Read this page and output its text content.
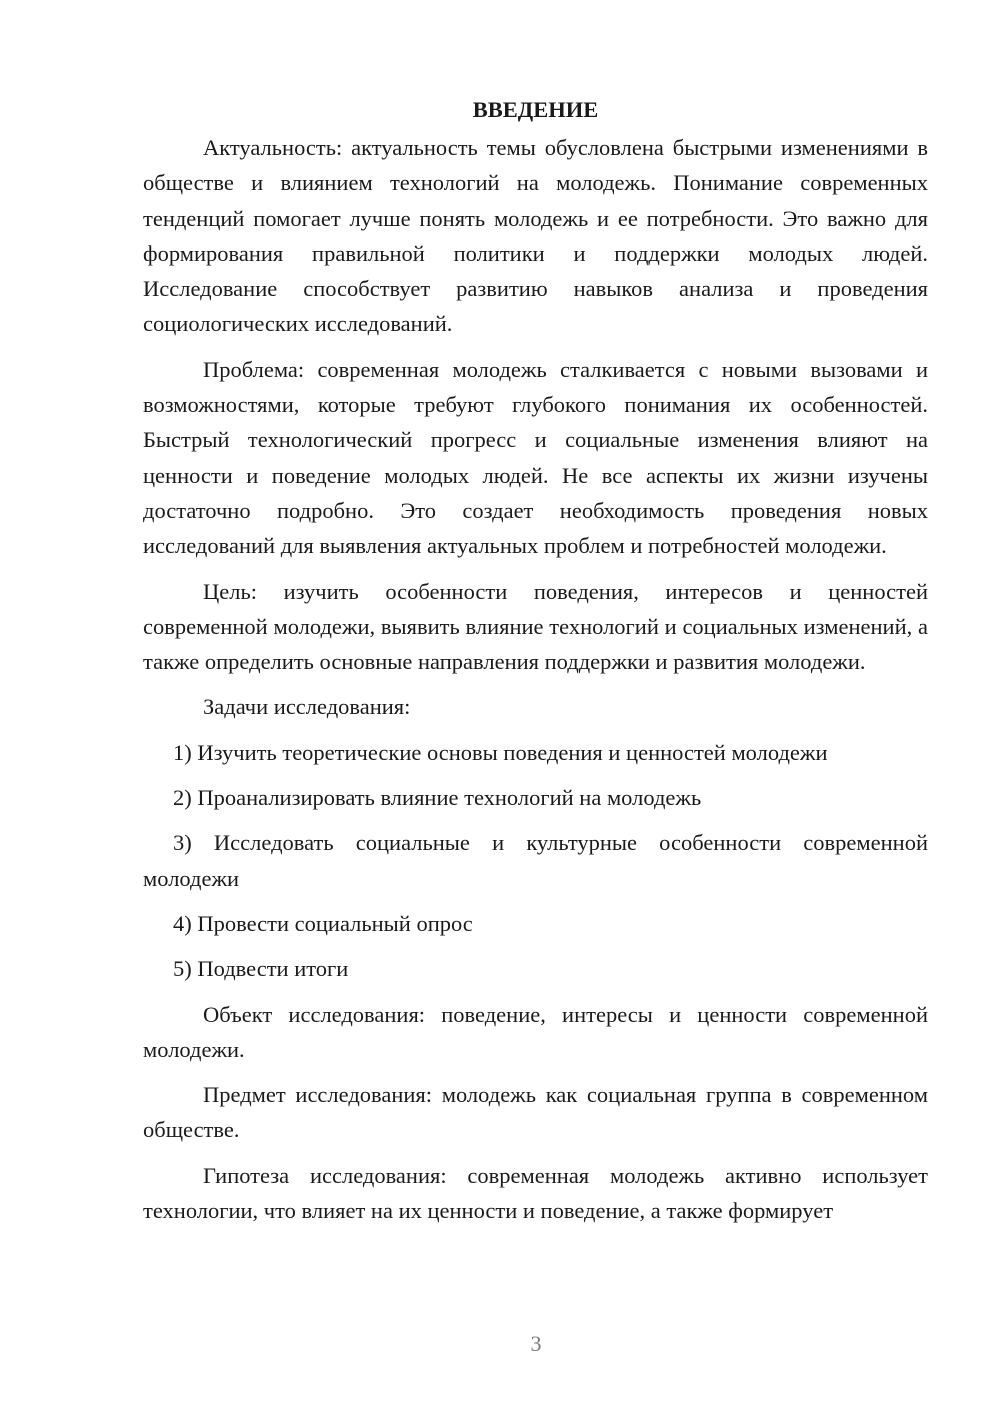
ВВЕДЕНИЕ

Актуальность: актуальность темы обусловлена быстрыми изменениями в обществе и влиянием технологий на молодежь. Понимание современных тенденций помогает лучше понять молодежь и ее потребности. Это важно для формирования правильной политики и поддержки молодых людей. Исследование способствует развитию навыков анализа и проведения социологических исследований.

Проблема: современная молодежь сталкивается с новыми вызовами и возможностями, которые требуют глубокого понимания их особенностей. Быстрый технологический прогресс и социальные изменения влияют на ценности и поведение молодых людей. Не все аспекты их жизни изучены достаточно подробно. Это создает необходимость проведения новых исследований для выявления актуальных проблем и потребностей молодежи.

Цель: изучить особенности поведения, интересов и ценностей современной молодежи, выявить влияние технологий и социальных изменений, а также определить основные направления поддержки и развития молодежи.

Задачи исследования:

1) Изучить теоретические основы поведения и ценностей молодежи

2) Проанализировать влияние технологий на молодежь

3) Исследовать социальные и культурные особенности современной молодежи

4) Провести социальный опрос

5) Подвести итоги

Объект исследования: поведение, интересы и ценности современной молодежи.

Предмет исследования: молодежь как социальная группа в современном обществе.

Гипотеза исследования: современная молодежь активно использует технологии, что влияет на их ценности и поведение, а также формирует

3
